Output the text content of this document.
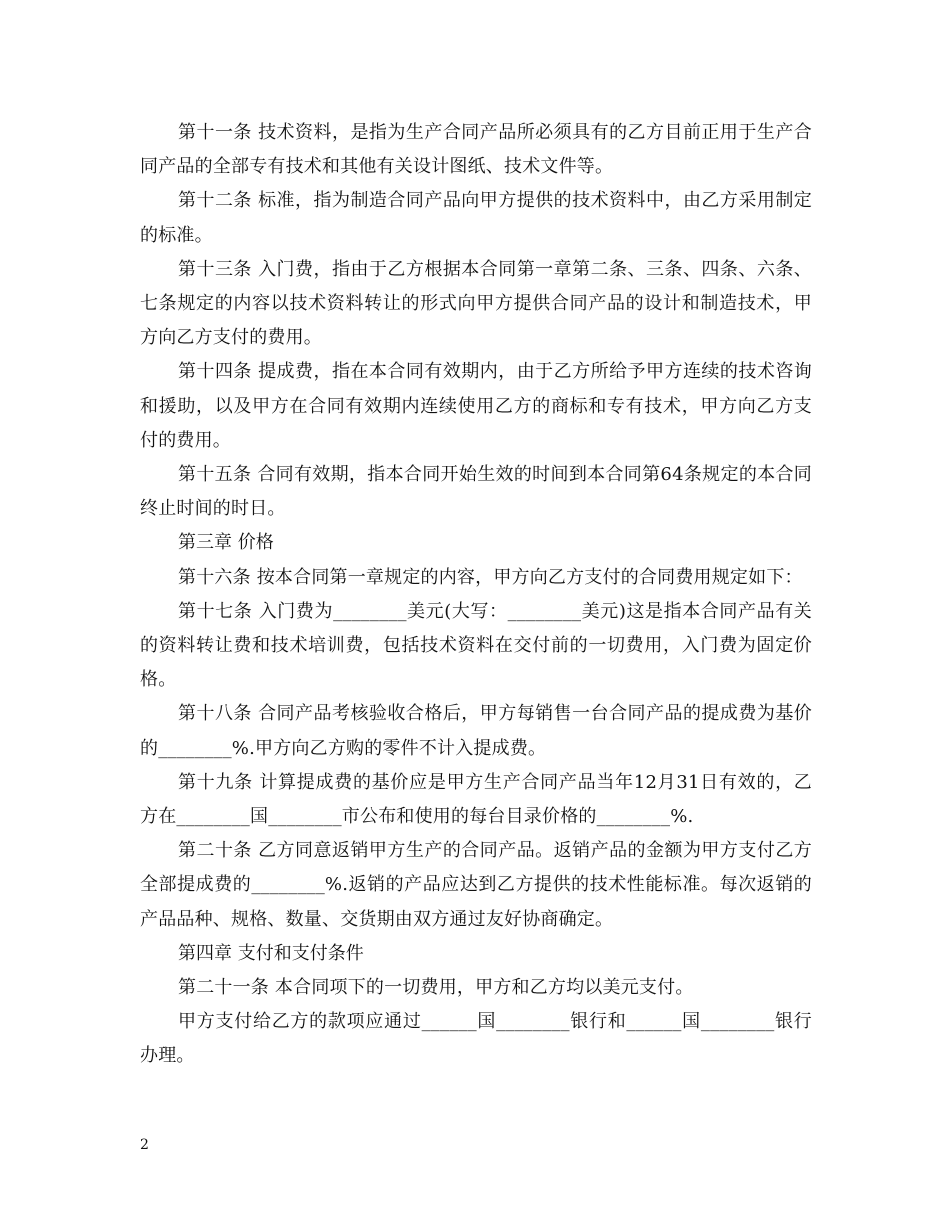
第十一条 技术资料，是指为生产合同产品所必须具有的乙方目前正用于生产合同产品的全部专有技术和其他有关设计图纸、技术文件等。

第十二条 标准，指为制造合同产品向甲方提供的技术资料中，由乙方采用制定的标准。

第十三条 入门费，指由于乙方根据本合同第一章第二条、三条、四条、六条、七条规定的内容以技术资料转让的形式向甲方提供合同产品的设计和制造技术，甲方向乙方支付的费用。

第十四条 提成费，指在本合同有效期内，由于乙方所给予甲方连续的技术咨询和援助，以及甲方在合同有效期内连续使用乙方的商标和专有技术，甲方向乙方支付的费用。

第十五条 合同有效期，指本合同开始生效的时间到本合同第64条规定的本合同终止时间的时日。

第三章 价格

第十六条 按本合同第一章规定的内容，甲方向乙方支付的合同费用规定如下：

第十七条 入门费为________美元(大写：________美元)这是指本合同产品有关的资料转让费和技术培训费，包括技术资料在交付前的一切费用，入门费为固定价格。

第十八条 合同产品考核验收合格后，甲方每销售一台合同产品的提成费为基价的________%.甲方向乙方购的零件不计入提成费。

第十九条 计算提成费的基价应是甲方生产合同产品当年12月31日有效的，乙方在________国________市公布和使用的每台目录价格的________%.

第二十条 乙方同意返销甲方生产的合同产品。返销产品的金额为甲方支付乙方全部提成费的________%.返销的产品应达到乙方提供的技术性能标准。每次返销的产品品种、规格、数量、交货期由双方通过友好协商确定。

第四章 支付和支付条件

第二十一条 本合同项下的一切费用，甲方和乙方均以美元支付。

甲方支付给乙方的款项应通过______国________银行和______国________银行办理。

2
